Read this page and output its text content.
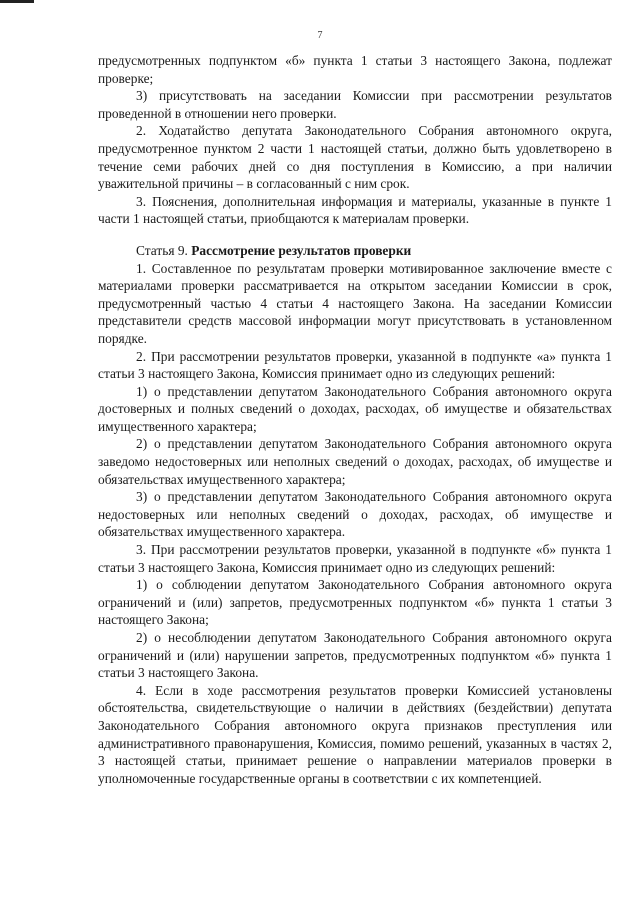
7

предусмотренных подпунктом «б» пункта 1 статьи 3 настоящего Закона, подлежат проверке;

3) присутствовать на заседании Комиссии при рассмотрении результатов проведенной в отношении него проверки.

2. Ходатайство депутата Законодательного Собрания автономного округа, предусмотренное пунктом 2 части 1 настоящей статьи, должно быть удовлетворено в течение семи рабочих дней со дня поступления в Комиссию, а при наличии уважительной причины – в согласованный с ним срок.

3. Пояснения, дополнительная информация и материалы, указанные в пункте 1 части 1 настоящей статьи, приобщаются к материалам проверки.

Статья 9. Рассмотрение результатов проверки

1. Составленное по результатам проверки мотивированное заключение вместе с материалами проверки рассматривается на открытом заседании Комиссии в срок, предусмотренный частью 4 статьи 4 настоящего Закона. На заседании Комиссии представители средств массовой информации могут присутствовать в установленном порядке.

2. При рассмотрении результатов проверки, указанной в подпункте «а» пункта 1 статьи 3 настоящего Закона, Комиссия принимает одно из следующих решений:

1) о представлении депутатом Законодательного Собрания автономного округа достоверных и полных сведений о доходах, расходах, об имуществе и обязательствах имущественного характера;

2) о представлении депутатом Законодательного Собрания автономного округа заведомо недостоверных или неполных сведений о доходах, расходах, об имуществе и обязательствах имущественного характера;

3) о представлении депутатом Законодательного Собрания автономного округа недостоверных или неполных сведений о доходах, расходах, об имуществе и обязательствах имущественного характера.

3. При рассмотрении результатов проверки, указанной в подпункте «б» пункта 1 статьи 3 настоящего Закона, Комиссия принимает одно из следующих решений:

1) о соблюдении депутатом Законодательного Собрания автономного округа ограничений и (или) запретов, предусмотренных подпунктом «б» пункта 1 статьи 3 настоящего Закона;

2) о несоблюдении депутатом Законодательного Собрания автономного округа ограничений и (или) нарушении запретов, предусмотренных подпунктом «б» пункта 1 статьи 3 настоящего Закона.

4. Если в ходе рассмотрения результатов проверки Комиссией установлены обстоятельства, свидетельствующие о наличии в действиях (бездействии) депутата Законодательного Собрания автономного округа признаков преступления или административного правонарушения, Комиссия, помимо решений, указанных в частях 2, 3 настоящей статьи, принимает решение о направлении материалов проверки в уполномоченные государственные органы в соответствии с их компетенцией.
